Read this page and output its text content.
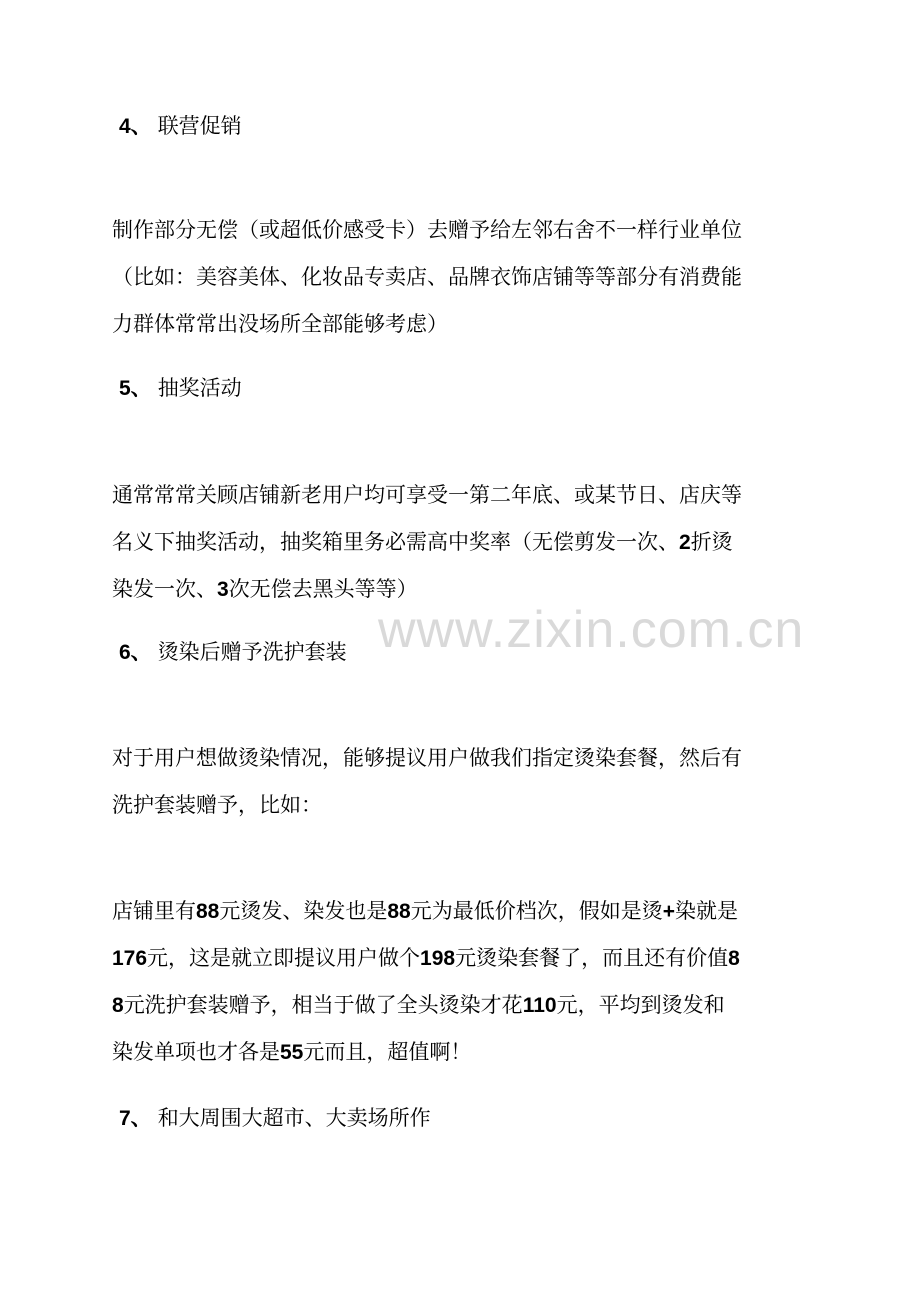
4、 联营促销
制作部分无偿（或超低价感受卡）去赠予给左邻右舍不一样行业单位
（比如：美容美体、化妆品专卖店、品牌衣饰店铺等等部分有消费能
力群体常常出没场所全部能够考虑）
5、 抽奖活动
通常常常关顾店铺新老用户均可享受一第二年底、或某节日、店庆等
名义下抽奖活动，抽奖箱里务必需高中奖率（无偿剪发一次、2折烫
染发一次、3次无偿去黑头等等）
www.zixin.com.cn
6、 烫染后赠予洗护套装
对于用户想做烫染情况，能够提议用户做我们指定烫染套餐，然后有
洗护套装赠予，比如：
店铺里有88元烫发、染发也是88元为最低价档次，假如是烫+染就是
176元，这是就立即提议用户做个198元烫染套餐了，而且还有价值8
8元洗护套装赠予，相当于做了全头烫染才花110元，平均到烫发和
染发单项也才各是55元而且，超值啊！
7、 和大周围大超市、大卖场所作
